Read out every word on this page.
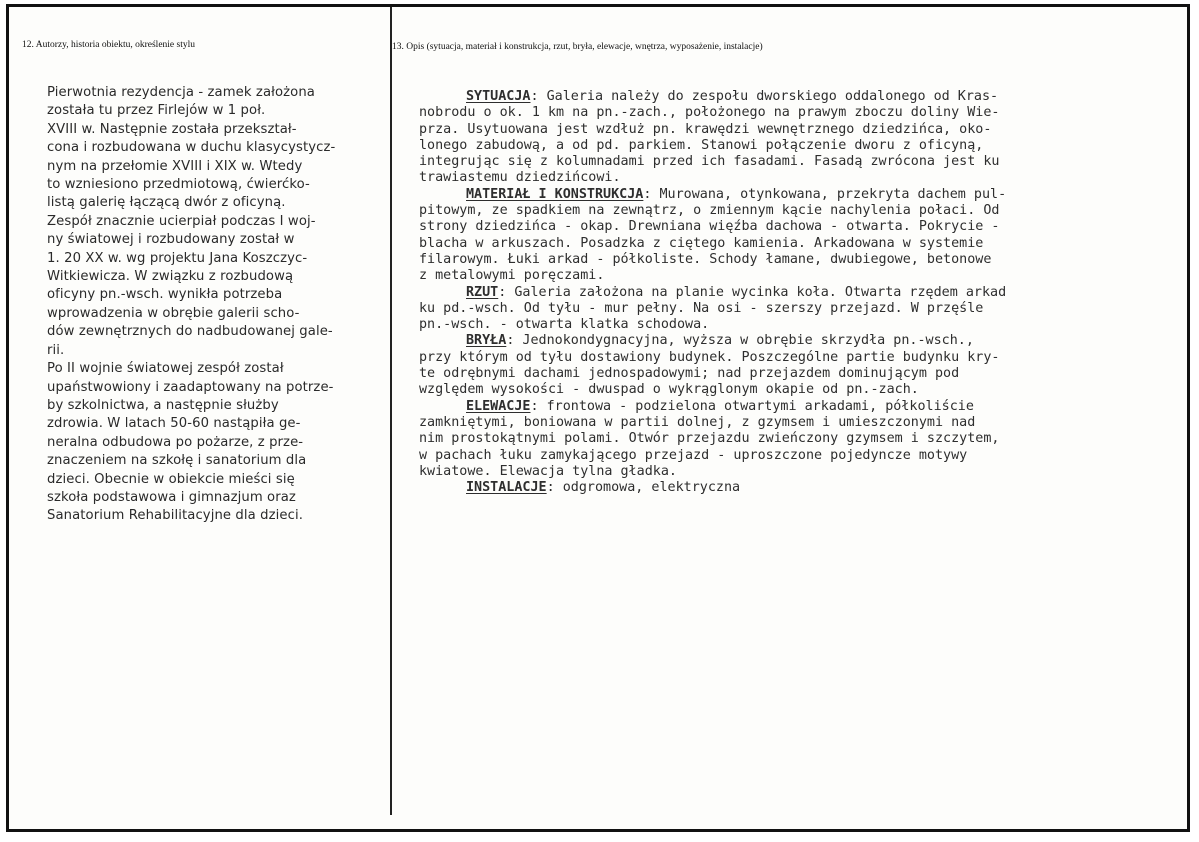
12. Autorzy, historia obiektu, określenie stylu	13. Opis (sytuacja, materiał i konstrukcja, rzut, bryła, elewacje, wnętrza, wyposażenie, instalacje)
Pierwotnia rezydencja - zamek założona
została tu przez Firlejów w 1 poł.
XVIII w. Następnie została przekształ-
cona i rozbudowana w duchu klasycystycz-
nym na przełomie XVIII i XIX w. Wtedy
to wzniesiono przedmiotową, ćwierćko-
listą galerię łączącą dwór z oficyną.
Zespół znacznie ucierpiał podczas I woj-
ny światowej i rozbudowany został w
1. 20 XX w. wg projektu Jana Koszczyc-
Witkiewicza. W związku z rozbudową
oficyny pn.-wsch. wynikła potrzeba
wprowadzenia w obrębie galerii scho-
dów zewnętrznych do nadbudowanej gale-
rii.
Po II wojnie światowej zespół został
upaństwowiony i zaadaptowany na potrze-
by szkolnictwa, a następnie służby
zdrowia. W latach 50-60 nastąpiła ge-
neralna odbudowa po pożarze, z prze-
znaczeniem na szkołę i sanatorium dla
dzieci. Obecnie w obiekcie mieści się
szkoła podstawowa i gimnazjum oraz
Sanatorium Rehabilitacyjne dla dzieci.
SYTUACJA: Galeria należy do zespołu dworskiego oddalonego od Kras-
nobrodu o ok. 1 km na pn.-zach., położonego na prawym zboczu doliny Wie-
prza. Usytuowana jest wzdłuż pn. krawędzi wewnętrznego dziedzińca, oko-
lonego zabudową, a od pd. parkiem. Stanowi połączenie dworu z oficyną,
integrując się z kolumnadami przed ich fasadami. Fasadą zwrócona jest ku
trawiastemu dziedzińcowi.
MATERIAŁ I KONSTRUKCJA: Murowana, otynkowana, przekryta dachem pul-
pitowym, ze spadkiem na zewnątrz, o zmiennym kącie nachylenia połaci. Od
strony dziedzińca - okap. Drewniana więźba dachowa - otwarta. Pokrycie -
blacha w arkuszach. Posadzka z ciętego kamienia. Arkadowana w systemie
filarowym. Łuki arkad - półkoliste. Schody łamane, dwubiegowe, betonowe
z metalowymi poręczami.
RZUT: Galeria założona na planie wycinka koła. Otwarta rzędem arkad
ku pd.-wsch. Od tyłu - mur pełny. Na osi - szerszy przejazd. W przęśle
pn.-wsch. - otwarta klatka schodowa.
BRYŁA: Jednokondygnacyjna, wyższa w obrębie skrzydła pn.-wsch.,
przy którym od tyłu dostawiony budynek. Poszczególne partie budynku kry-
te odrębnymi dachami jednospadowymi; nad przejazdem dominującym pod
względem wysokości - dwuspad o wykrąglonym okapie od pn.-zach.
ELEWACJE: frontowa - podzielona otwartymi arkadami, półkoliście
zamkniętymi, boniowana w partii dolnej, z gzymsem i umieszczonymi nad
nim prostokątnymi polami. Otwór przejazdu zwieńczony gzymsem i szczytem,
w pachach łuku zamykającego przejazd - uproszczone pojedyncze motywy
kwiatowe. Elewacja tylna gładka.
INSTALACJE: odgromowa, elektryczna
